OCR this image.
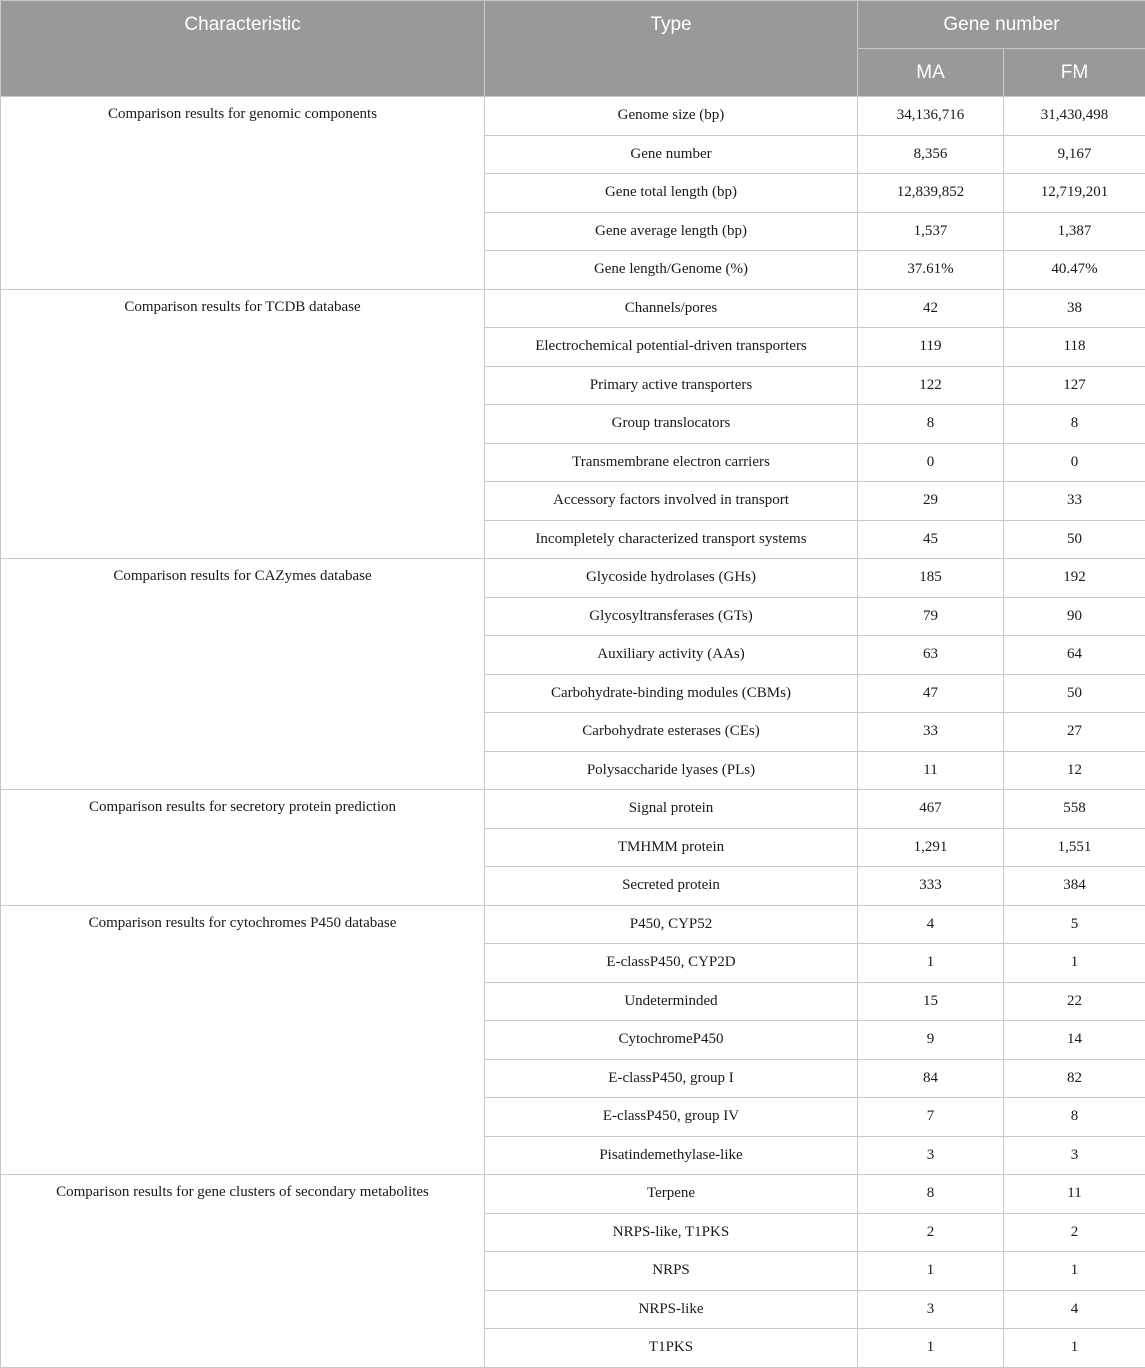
Characteristic	Type	Gene number	
		MA	FM
Comparison results for genomic components	Genome size (bp)	34,136,716	31,430,498
	Gene number	8,356	9,167
	Gene total length (bp)	12,839,852	12,719,201
	Gene average length (bp)	1,537	1,387
	Gene length/Genome (%)	37.61%	40.47%
Comparison results for TCDB database	Channels/pores	42	38
	Electrochemical potential-driven transporters	119	118
	Primary active transporters	122	127
	Group translocators	8	8
	Transmembrane electron carriers	0	0
	Accessory factors involved in transport	29	33
	Incompletely characterized transport systems	45	50
Comparison results for CAZymes database	Glycoside hydrolases (GHs)	185	192
	Glycosyltransferases (GTs)	79	90
	Auxiliary activity (AAs)	63	64
	Carbohydrate-binding modules (CBMs)	47	50
	Carbohydrate esterases (CEs)	33	27
	Polysaccharide lyases (PLs)	11	12
Comparison results for secretory protein prediction	Signal protein	467	558
	TMHMM protein	1,291	1,551
	Secreted protein	333	384
Comparison results for cytochromes P450 database	P450, CYP52	4	5
	E-classP450, CYP2D	1	1
	Undeterminded	15	22
	CytochromeP450	9	14
	E-classP450, group I	84	82
	E-classP450, group IV	7	8
	Pisatindemethylase-like	3	3
Comparison results for gene clusters of secondary metabolites	Terpene	8	11
	NRPS-like, T1PKS	2	2
	NRPS	1	1
	NRPS-like	3	4
	T1PKS	1	1
